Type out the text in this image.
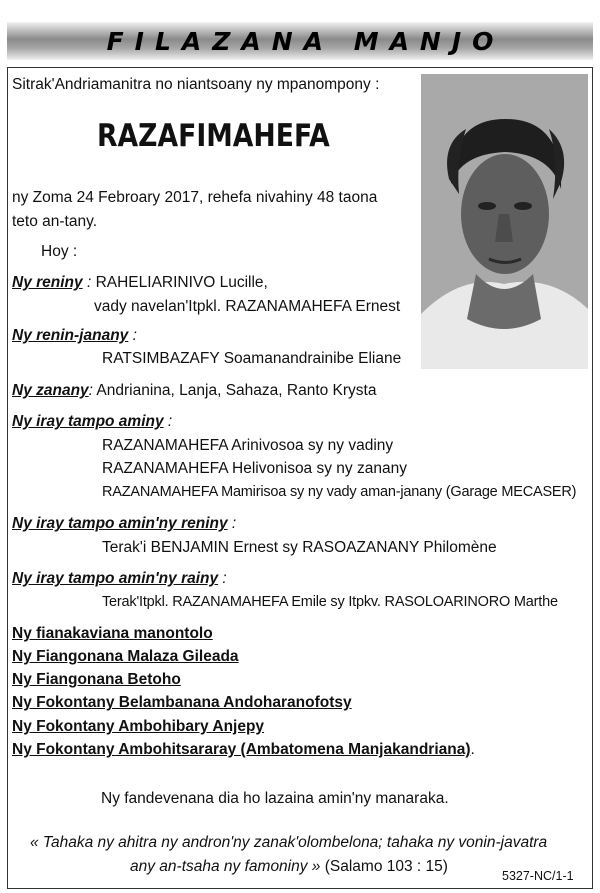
FILAZANA MANJO
Sitrak'Andriamanitra no niantsoany ny mpanompony :
RAZAFIMAHEFA
ny Zoma 24 Febroary 2017, rehefa nivahiny 48 taona
teto an-tany.
Hoy :
Ny reniny : RAHELIARINIVO Lucille,
vady navelan'Itpkl. RAZANAMAHEFA Ernest
Ny renin-janany :
RATSIMBAZAFY Soamanandrainibe Eliane
Ny zanany: Andrianina, Lanja, Sahaza, Ranto Krysta
Ny iray tampo aminy :
RAZANAMAHEFA Arinivosoa sy ny vadiny
RAZANAMAHEFA Helivonisoa sy ny zanany
RAZANAMAHEFA Mamirisoa sy ny vady aman-janany (Garage MECASER)
Ny iray tampo amin'ny reniny :
Terak'i BENJAMIN Ernest sy RASOAZANANY Philomène
Ny iray tampo amin'ny rainy :
Terak'Itpkl. RAZANAMAHEFA Emile sy Itpkv. RASOLOARINORO Marthe
Ny fianakaviana manontolo
Ny Fiangonana Malaza Gileada
Ny Fiangonana Betoho
Ny Fokontany Belambanana Andoharanofotsy
Ny Fokontany Ambohibary Anjepy
Ny Fokontany Ambohitsararay (Ambatomena Manjakandriana).
Ny fandevenana dia ho lazaina amin'ny manaraka.
« Tahaka ny ahitra ny andron'ny zanak'olombelona; tahaka ny vonin-javatra
any an-tsaha ny famoniny » (Salamo 103 : 15)
5327-NC/1-1
